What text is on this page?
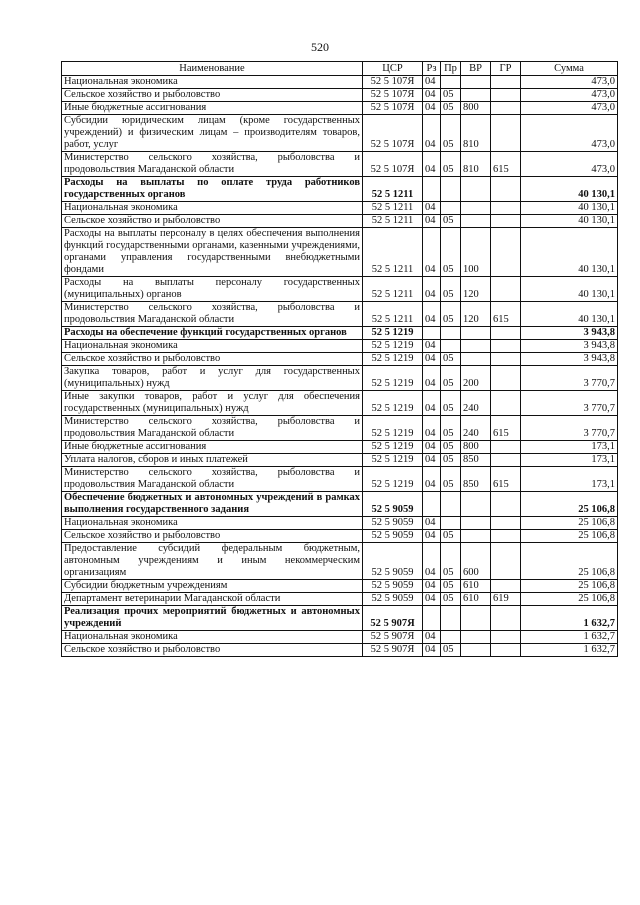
520
Наименование	ЦСР	Рз	Пр	ВР	ГР	Сумма
Национальная экономика	52 5 107Я	04				473,0
Сельское хозяйство и рыболовство	52 5 107Я	04	05			473,0
Иные бюджетные ассигнования	52 5 107Я	04	05	800		473,0
Субсидии юридическим лицам (кроме государственных учреждений) и физическим лицам – производителям товаров, работ, услуг	52 5 107Я	04	05	810		473,0
Министерство сельского хозяйства, рыболовства и продовольствия Магаданской области	52 5 107Я	04	05	810	615	473,0
Расходы на выплаты по оплате труда работников государственных органов	52 5 1211					40 130,1
Национальная экономика	52 5 1211	04				40 130,1
Сельское хозяйство и рыболовство	52 5 1211	04	05			40 130,1
Расходы на выплаты персоналу в целях обеспечения выполнения функций государственными органами, казенными учреждениями, органами управления государственными внебюджетными фондами	52 5 1211	04	05	100		40 130,1
Расходы на выплаты персоналу государственных (муниципальных) органов	52 5 1211	04	05	120		40 130,1
Министерство сельского хозяйства, рыболовства и продовольствия Магаданской области	52 5 1211	04	05	120	615	40 130,1
Расходы на обеспечение функций государственных органов	52 5 1219					3 943,8
Национальная экономика	52 5 1219	04				3 943,8
Сельское хозяйство и рыболовство	52 5 1219	04	05			3 943,8
Закупка товаров, работ и услуг для государственных (муниципальных) нужд	52 5 1219	04	05	200		3 770,7
Иные закупки товаров, работ и услуг для обеспечения государственных (муниципальных) нужд	52 5 1219	04	05	240		3 770,7
Министерство сельского хозяйства, рыболовства и продовольствия Магаданской области	52 5 1219	04	05	240	615	3 770,7
Иные бюджетные ассигнования	52 5 1219	04	05	800		173,1
Уплата налогов, сборов и иных платежей	52 5 1219	04	05	850		173,1
Министерство сельского хозяйства, рыболовства и продовольствия Магаданской области	52 5 1219	04	05	850	615	173,1
Обеспечение бюджетных и автономных учреждений в рамках выполнения государственного задания	52 5 9059					25 106,8
Национальная экономика	52 5 9059	04				25 106,8
Сельское хозяйство и рыболовство	52 5 9059	04	05			25 106,8
Предоставление субсидий федеральным бюджетным, автономным учреждениям и иным некоммерческим организациям	52 5 9059	04	05	600		25 106,8
Субсидии бюджетным учреждениям	52 5 9059	04	05	610		25 106,8
Департамент ветеринарии Магаданской области	52 5 9059	04	05	610	619	25 106,8
Реализация прочих мероприятий бюджетных и автономных учреждений	52 5 907Я					1 632,7
Национальная экономика	52 5 907Я	04				1 632,7
Сельское хозяйство и рыболовство	52 5 907Я	04	05			1 632,7
